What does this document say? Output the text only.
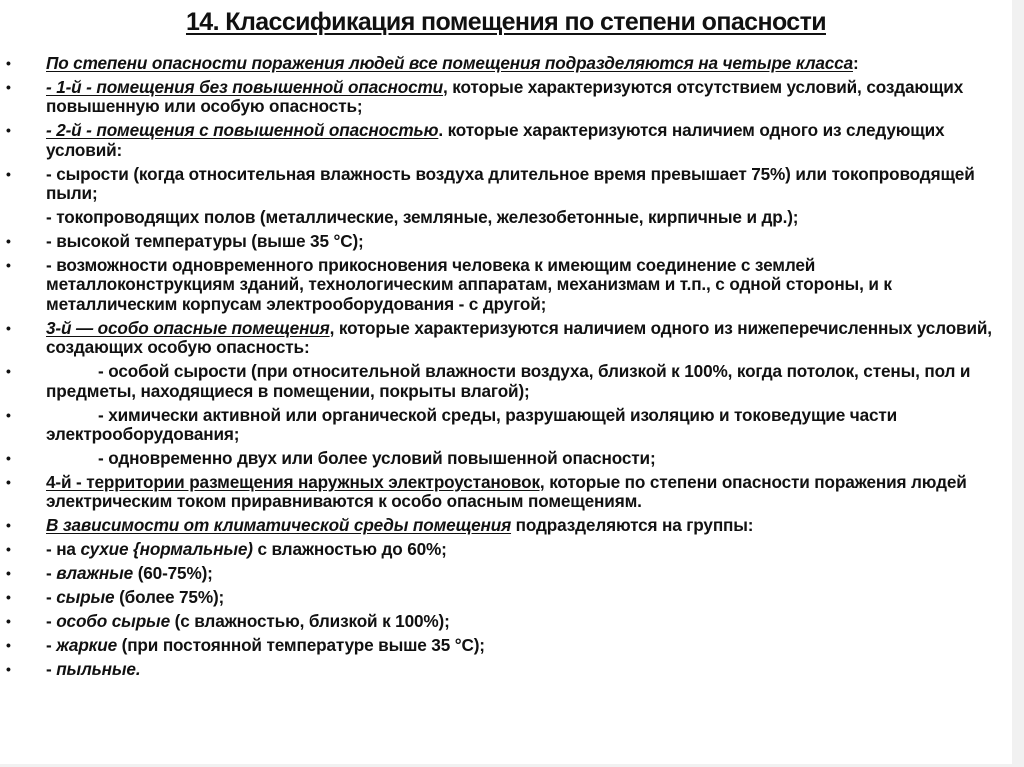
14. Классификация помещения по степени опасности
• По степени опасности поражения людей все помещения подразделяются на четыре класса:
• - 1-й - помещения без повышенной опасности, которые характеризуются отсутствием условий, создающих повышенную или особую опасность;
• - 2-й - помещения с повышенной опасностью. которые характеризуются наличием одного из следующих условий:
• - сырости (когда относительная влажность воздуха длительное время превышает 75%) или токопроводящей пыли;
- токопроводящих полов (металлические, земляные, железобетонные, кирпичные и др.);
• - высокой температуры (выше 35 °С);
• - возможности одновременного прикосновения человека к имеющим соединение с землей металлоконструкциям зданий, технологическим аппаратам, механизмам и т.п., с одной стороны, и к металлическим корпусам электрооборудования - с другой;
• 3-й — особо опасные помещения, которые характеризуются наличием одного из нижеперечисленных условий, создающих особую опасность:
•	- особой сырости (при относительной влажности воздуха, близкой к 100%, когда потолок, стены, пол и предметы, находящиеся в помещении, покрыты влагой);
•	- химически активной или органической среды, разрушающей изоляцию и токоведущие части электрооборудования;
•	- одновременно двух или более условий повышенной опасности;
• 4-й - территории размещения наружных электроустановок, которые по степени опасности поражения людей электрическим током приравниваются к особо опасным помещениям.
• В зависимости от климатической среды помещения подразделяются на группы:
• - на сухие {нормальные) с влажностью до 60%;
• - влажные (60-75%);
• - сырые (более 75%);
• - особо сырые (с влажностью, близкой к 100%);
• - жаркие (при постоянной температуре выше 35 °С);
• - пыльные.
